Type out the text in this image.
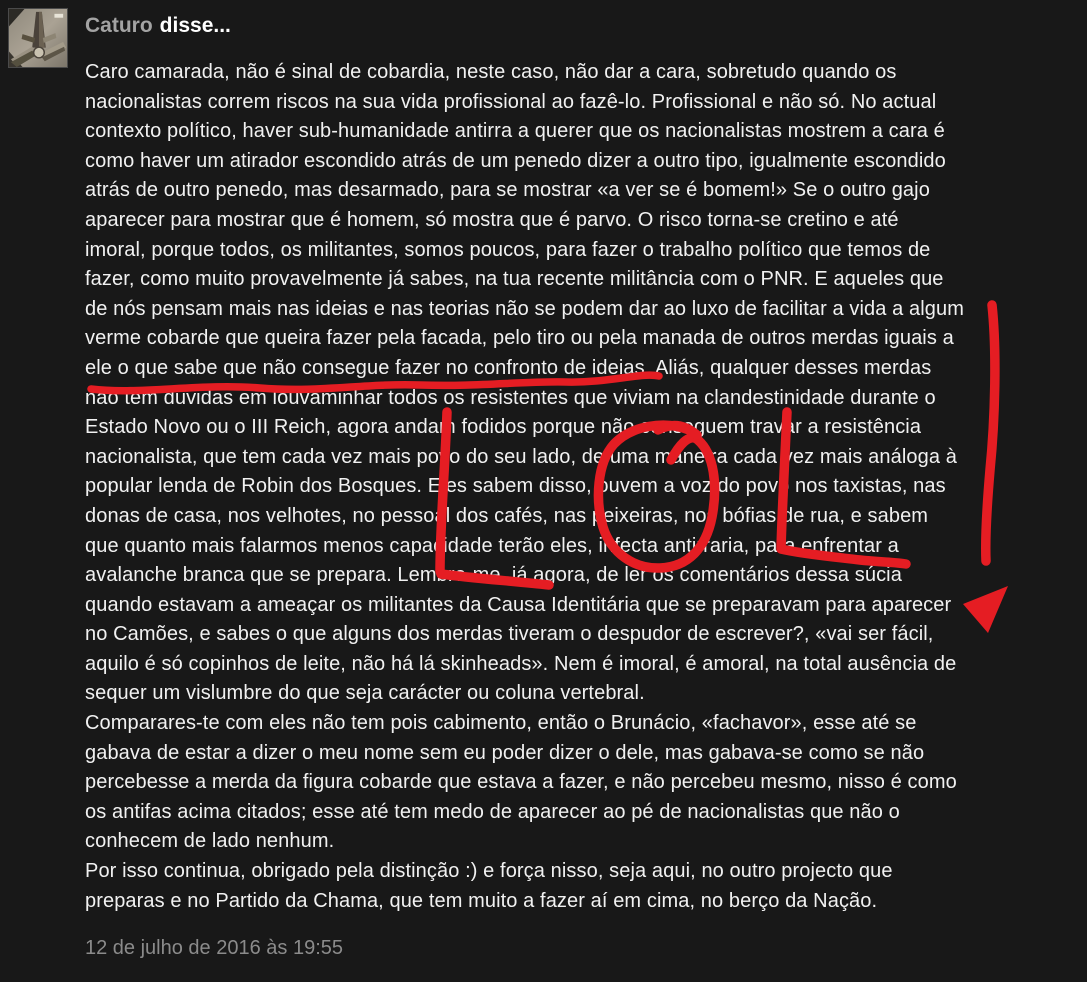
Caturo disse...
Caro camarada, não é sinal de cobardia, neste caso, não dar a cara, sobretudo quando os
nacionalistas correm riscos na sua vida profissional ao fazê-lo. Profissional e não só. No actual
contexto político, haver sub-humanidade antirra a querer que os nacionalistas mostrem a cara é
como haver um atirador escondido atrás de um penedo dizer a outro tipo, igualmente escondido
atrás de outro penedo, mas desarmado, para se mostrar «a ver se é bomem!» Se o outro gajo
aparecer para mostrar que é homem, só mostra que é parvo. O risco torna-se cretino e até
imoral, porque todos, os militantes, somos poucos, para fazer o trabalho político que temos de
fazer, como muito provavelmente já sabes, na tua recente militância com o PNR. E aqueles que
de nós pensam mais nas ideias e nas teorias não se podem dar ao luxo de facilitar a vida a algum
verme cobarde que queira fazer pela facada, pelo tiro ou pela manada de outros merdas iguais a
ele o que sabe que não consegue fazer no confronto de ideias. Aliás, qualquer desses merdas
não tem dúvidas em louvaminhar todos os resistentes que viviam na clandestinidade durante o
Estado Novo ou o III Reich, agora andam fodidos porque não conseguem travar a resistência
nacionalista, que tem cada vez mais povo do seu lado, de uma maneira cada vez mais análoga à
popular lenda de Robin dos Bosques. Eles sabem disso, ouvem a voz do povo nos taxistas, nas
donas de casa, nos velhotes, no pessoal dos cafés, nas peixeiras, nos bófias de rua, e sabem
que quanto mais falarmos menos capacidade terão eles, infecta antirraria, para enfrentar a
avalanche branca que se prepara. Lembro-me, já agora, de ler os comentários dessa súcia
quando estavam a ameaçar os militantes da Causa Identitária que se preparavam para aparecer
no Camões, e sabes o que alguns dos merdas tiveram o despudor de escrever?, «vai ser fácil,
aquilo é só copinhos de leite, não há lá skinheads». Nem é imoral, é amoral, na total ausência de
sequer um vislumbre do que seja carácter ou coluna vertebral.
Comparares-te com eles não tem pois cabimento, então o Brunácio, «fachavor», esse até se
gabava de estar a dizer o meu nome sem eu poder dizer o dele, mas gabava-se como se não
percebesse a merda da figura cobarde que estava a fazer, e não percebeu mesmo, nisso é como
os antifas acima citados; esse até tem medo de aparecer ao pé de nacionalistas que não o
conhecem de lado nenhum.
Por isso continua, obrigado pela distinção :) e força nisso, seja aqui, no outro projecto que
preparas e no Partido da Chama, que tem muito a fazer aí em cima, no berço da Nação.
12 de julho de 2016 às 19:55
